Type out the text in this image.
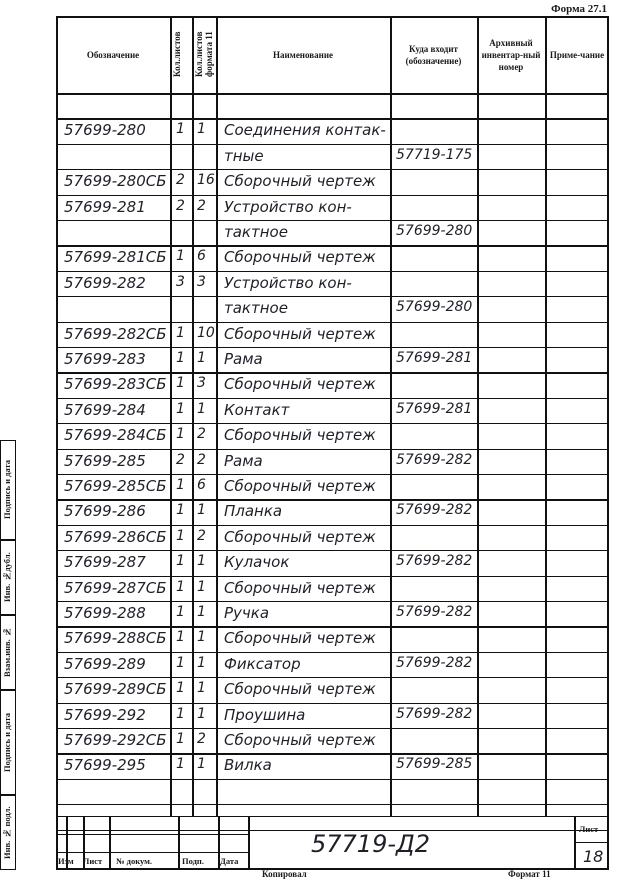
Форма 27.1
Инв. № подл.
Подпись и дата
Взам.инв. №
Инв. №дубл.
Подпись и дата
Обозначение	Наименование
Куда входит (обозначение)
Архивный инвентар-ный номер
Приме-чание
Кол.листов	Кол.листов формата 11
57699-280 1 1 Соединения контак-
тные	57719-175
57699-280СБ 2 16 Сборочный чертеж
57699-281 2 2 Устройство кон-
тактное	57699-280
57699-281СБ 1 6 Сборочный чертеж
57699-282 3 3 Устройство кон-
тактное	57699-280
57699-282СБ 1 10 Сборочный чертеж
57699-283 1 1 Рама	57699-281
57699-283СБ 1 3 Сборочный чертеж
57699-284 1 1 Контакт	57699-281
57699-284СБ 1 2 Сборочный чертеж
57699-285 2 2 Рама	57699-282
57699-285СБ 1 6 Сборочный чертеж
57699-286 1 1 Планка	57699-282
57699-286СБ 1 2 Сборочный чертеж
57699-287 1 1 Кулачок	57699-282
57699-287СБ 1 1 Сборочный чертеж
57699-288 1 1 Ручка	57699-282
57699-288СБ 1 1 Сборочный чертеж
57699-289 1 1 Фиксатор	57699-282
57699-289СБ 1 1 Сборочный чертеж
57699-292 1 1 Проушина	57699-282
57699-292СБ 1 2 Сборочный чертеж
57699-295 1 1 Вилка	57699-285
Изм Лист № докум.	Подп. Дата
57719-Д2
Лист
18
Копировал	Формат 11
